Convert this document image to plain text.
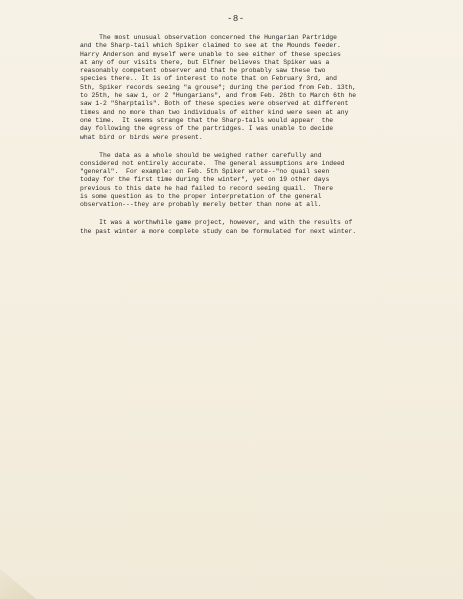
-8-
The most unusual observation concerned the Hungarian Partridge
and the Sharp-tail which Spiker claimed to see at the Mounds feeder.
Harry Anderson and myself were unable to see either of these species
at any of our visits there, but Elfner believes that Spiker was a
reasonably competent observer and that he probably saw these two
species there.. It is of interest to note that on February 3rd, and
5th, Spiker records seeing "a grouse"; during the period from Feb. 13th,
to 25th, he saw 1, or 2 "Hungarians", and from Feb. 26th to March 6th he
saw 1-2 "Sharptails". Both of these species were observed at different
times and no more than two individuals of either kind were seen at any
one time.  It seems strange that the Sharp-tails would appear  the
day following the egress of the partridges. I was unable to decide
what bird or birds were present.
The data as a whole should be weighed rather carefully and
considered not entirely accurate.  The general assumptions are indeed
"general".  For example: on Feb. 5th Spiker wrote--"no quail seen
today for the first time during the winter", yet on 19 other days
previous to this date he had failed to record seeing quail.  There
is some question as to the proper interpretation of the general
observation---they are probably merely better than none at all.
It was a worthwhile game project, however, and with the results of
the past winter a more complete study can be formulated for next winter.
